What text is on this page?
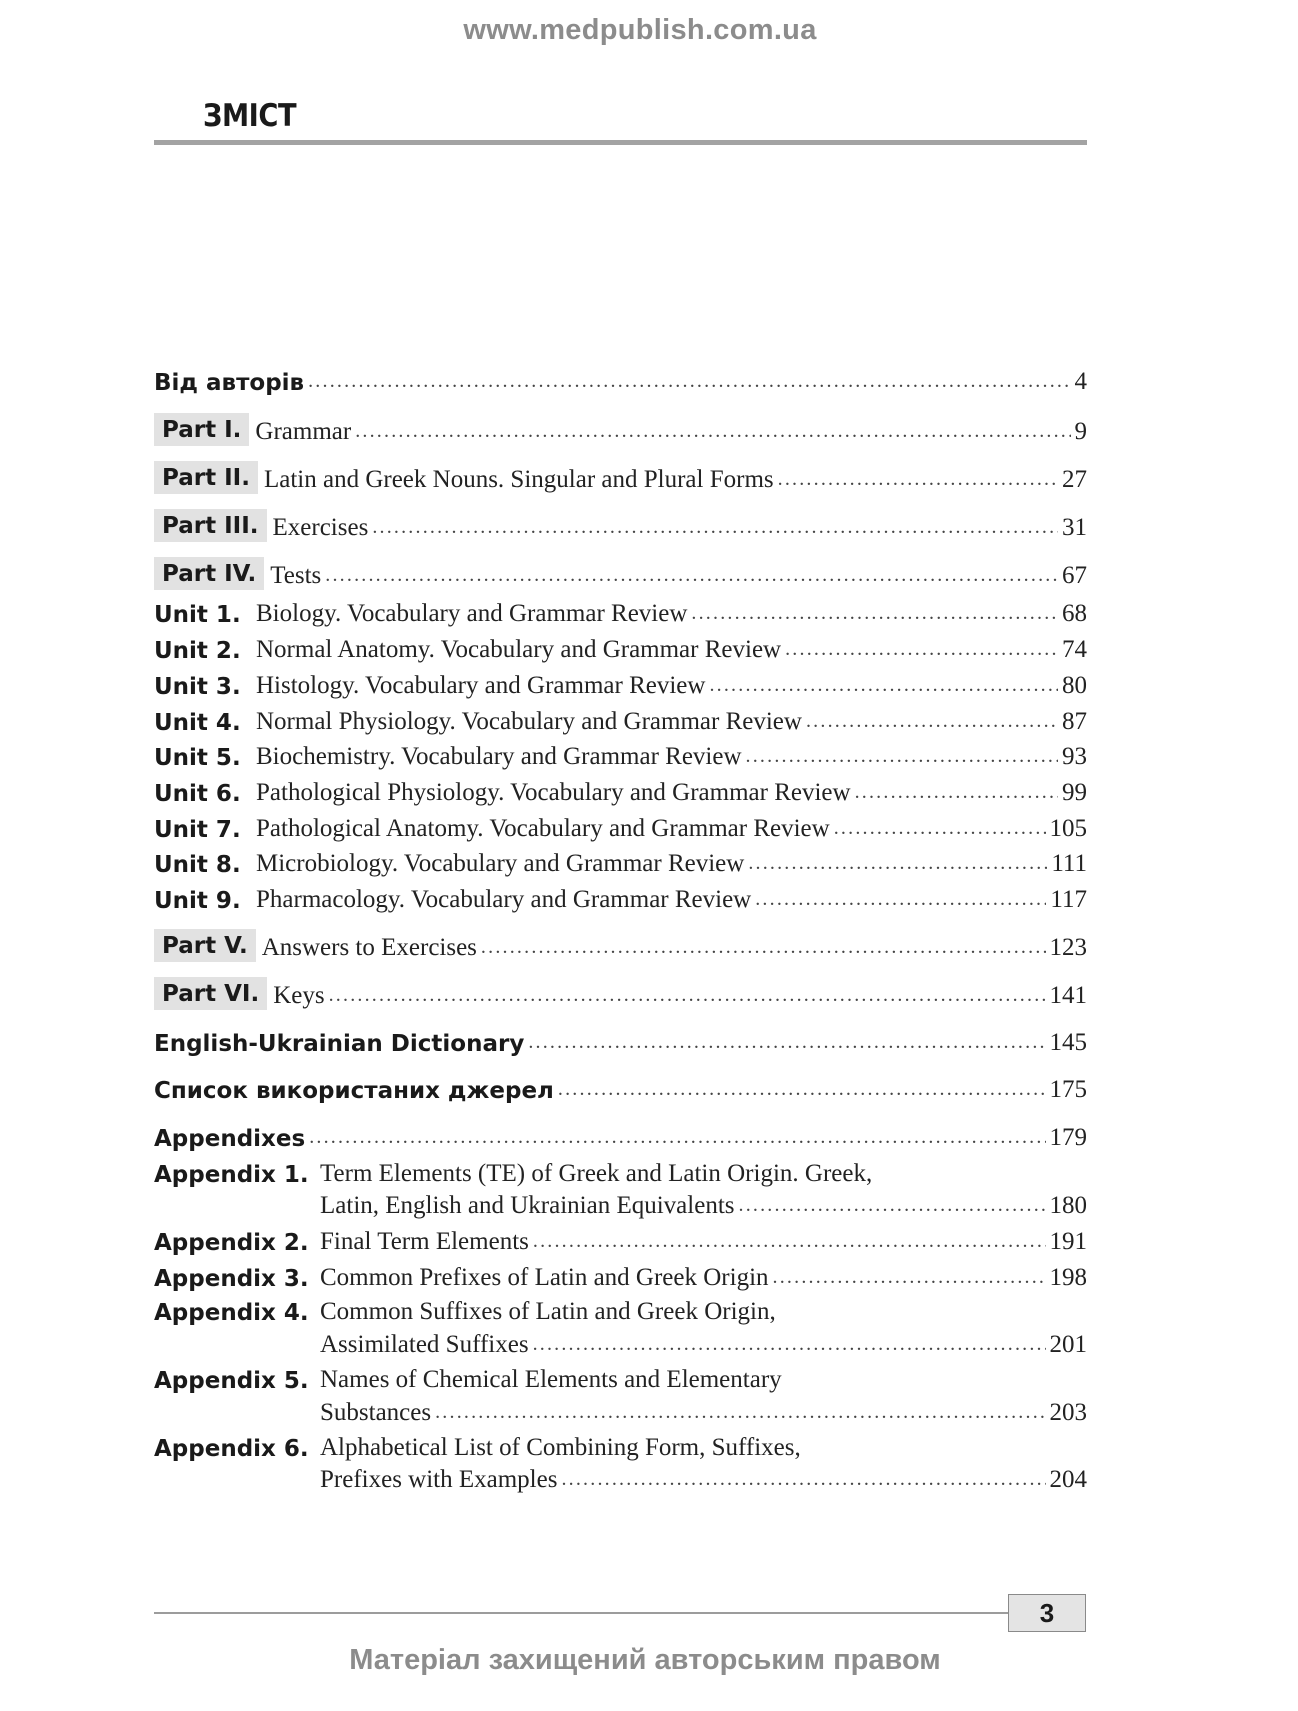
www.medpublish.com.ua
ЗМІСТ
Від авторів .....	4
Part I. Grammar .....	9
Part II. Latin and Greek Nouns. Singular and Plural Forms .....	27
Part III. Exercises .....	31
Part IV. Tests .....	67
Unit 1. Biology. Vocabulary and Grammar Review .....	68
Unit 2. Normal Anatomy. Vocabulary and Grammar Review .....	74
Unit 3. Histology. Vocabulary and Grammar Review .....	80
Unit 4. Normal Physiology. Vocabulary and Grammar Review .....	87
Unit 5. Biochemistry. Vocabulary and Grammar Review .....	93
Unit 6. Pathological Physiology. Vocabulary and Grammar Review .....	99
Unit 7. Pathological Anatomy. Vocabulary and Grammar Review .....	105
Unit 8. Microbiology. Vocabulary and Grammar Review .....	111
Unit 9. Pharmacology. Vocabulary and Grammar Review .....	117
Part V. Answers to Exercises .....	123
Part VI. Keys .....	141
English-Ukrainian Dictionary .....	145
Список використаних джерел .....	175
Appendixes .....	179
Appendix 1. Term Elements (TE) of Greek and Latin Origin. Greek,
Latin, English and Ukrainian Equivalents .....	180
Appendix 2. Final Term Elements .....	191
Appendix 3. Common Prefixes of Latin and Greek Origin .....	198
Appendix 4. Common Suffixes of Latin and Greek Origin,
Assimilated Suffixes .....	201
Appendix 5. Names of Chemical Elements and Elementary
Substances .....	203
Appendix 6. Alphabetical List of Combining Form, Suffixes,
Prefixes with Examples .....	204
3
Матеріал захищений авторським правом
